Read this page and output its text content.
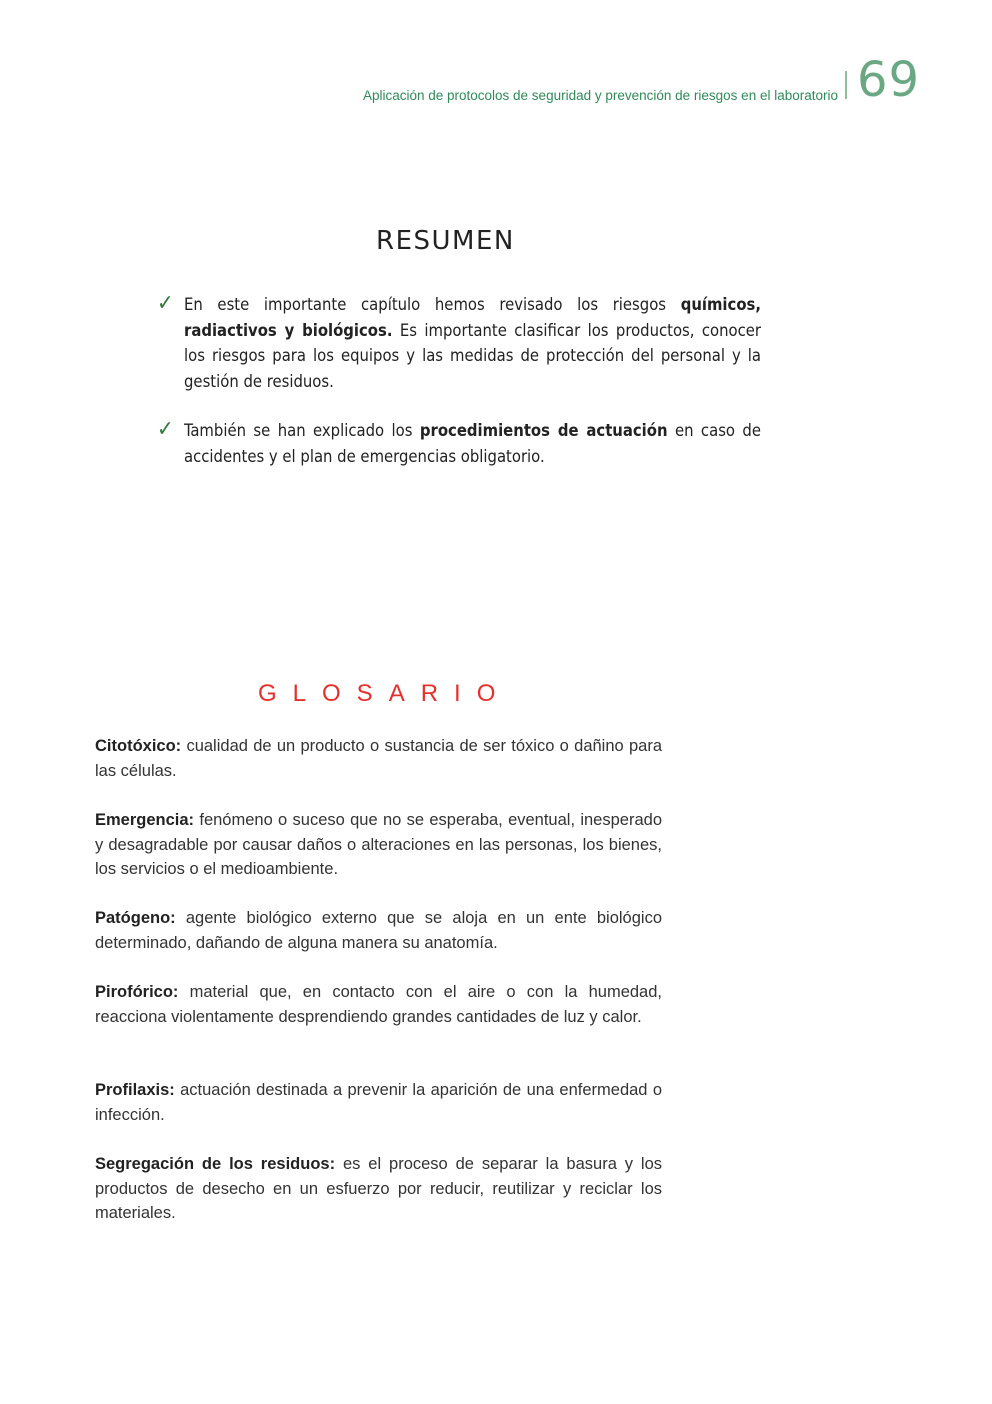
Aplicación de protocolos de seguridad y prevención de riesgos en el laboratorio 69
RESUMEN
✓ En este importante capítulo hemos revisado los riesgos químicos, radiactivos y biológicos. Es importante clasificar los productos, conocer los riesgos para los equipos y las medidas de protección del personal y la gestión de residuos.
✓ También se han explicado los procedimientos de actuación en caso de accidentes y el plan de emergencias obligatorio.
GLOSARIO
Citotóxico: cualidad de un producto o sustancia de ser tóxico o dañino para las células.
Emergencia: fenómeno o suceso que no se esperaba, eventual, inesperado y desagradable por causar daños o alteraciones en las personas, los bienes, los servicios o el medioambiente.
Patógeno: agente biológico externo que se aloja en un ente biológico determinado, dañando de alguna manera su anatomía.
Pirofórico: material que, en contacto con el aire o con la humedad, reacciona violentamente desprendiendo grandes cantidades de luz y calor.
Profilaxis: actuación destinada a prevenir la aparición de una enfermedad o infección.
Segregación de los residuos: es el proceso de separar la basura y los productos de desecho en un esfuerzo por reducir, reutilizar y reciclar los materiales.
